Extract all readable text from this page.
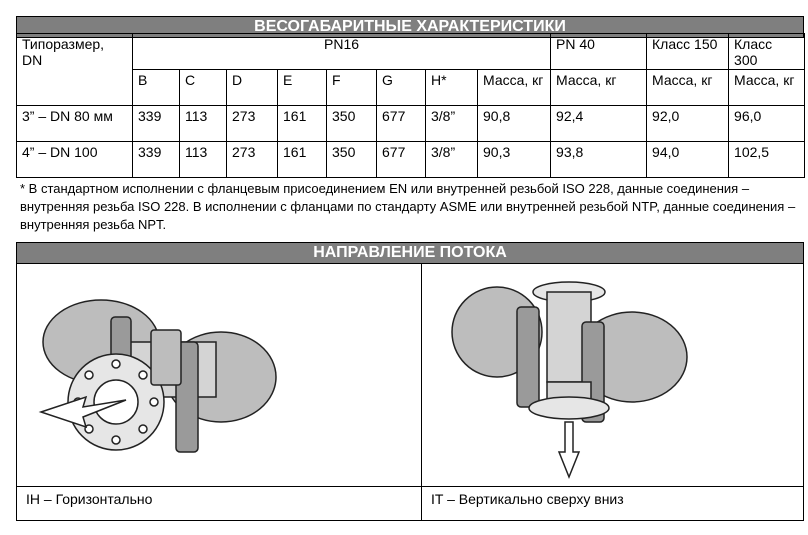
ВЕСОГАБАРИТНЫЕ ХАРАКТЕРИСТИКИ
Типоразмер, DN	PN16								PN 40	Класс 150	Класс 300
	B	C	D	E	F	G	H*	Масса, кг	Масса, кг	Масса, кг	Масса, кг
3” – DN 80 мм	339	113	273	161	350	677	3/8”	90,8	92,4	92,0	96,0
4” – DN 100	339	113	273	161	350	677	3/8”	90,3	93,8	94,0	102,5
* В стандартном исполнении с фланцевым присоединением EN или внутренней резьбой ISO 228, данные соединения – внутренняя резьба ISO 228. В исполнении с фланцами по стандарту ASME или внутренней резьбой NTP, данные соединения – внутренняя резьба NPT.
НАПРАВЛЕНИЕ ПОТОКА
IH – Горизонтально	IT – Вертикально сверху вниз
